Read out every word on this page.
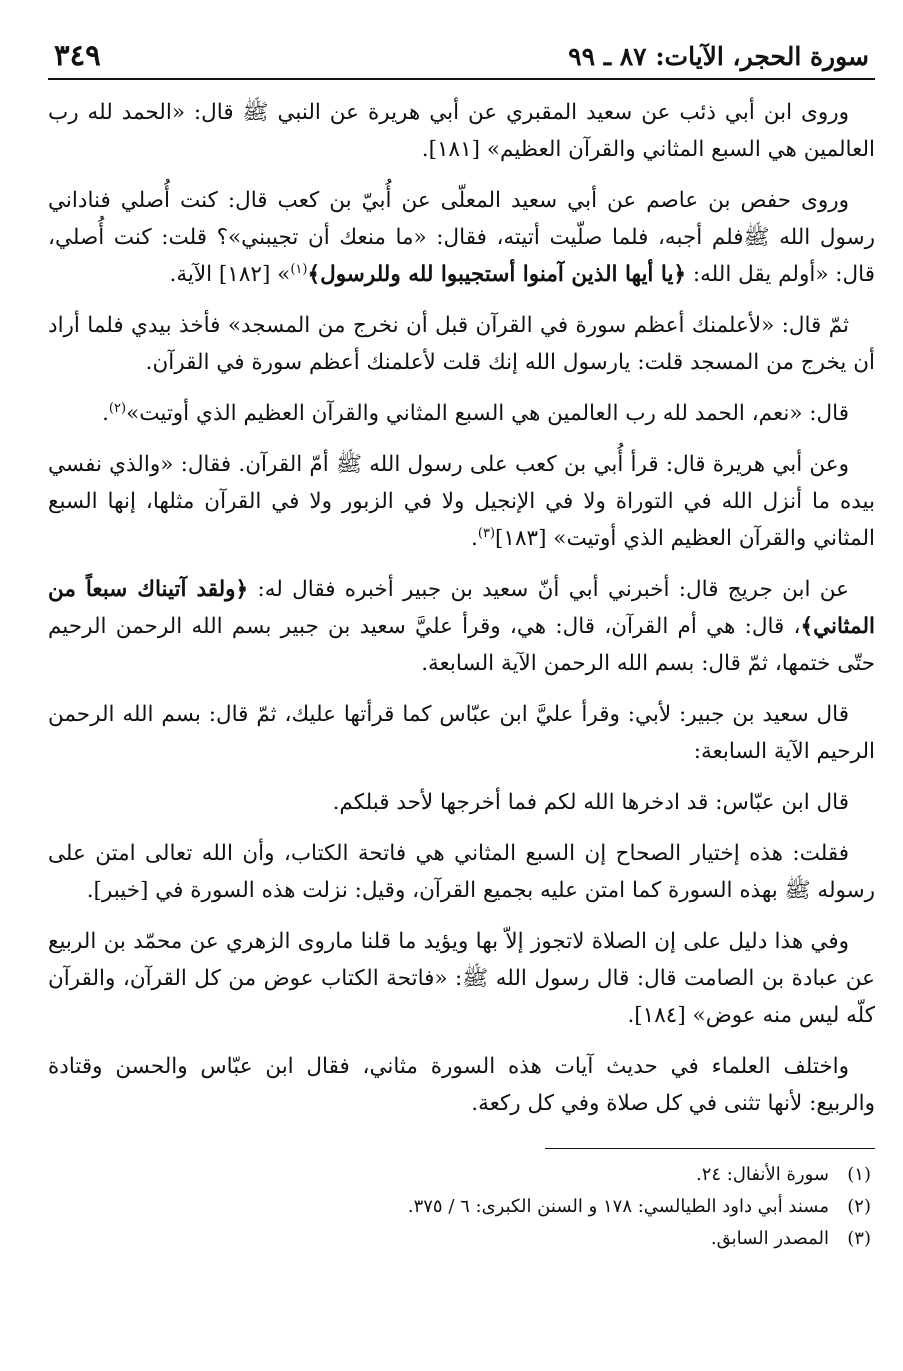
سورة الحجر، الآيات: ٨٧ ـ ٩٩
٣٤٩

وروى ابن أبي ذئب عن سعيد المقبري عن أبي هريرة عن النبي ﷺ قال: «الحمد لله رب العالمين هي السبع المثاني والقرآن العظيم» [١٨١].

وروى حفص بن عاصم عن أبي سعيد المعلّى عن أُبيّ بن كعب قال: كنت أُصلي فناداني رسول الله ﷺفلم أجبه، فلما صلّيت أتيته، فقال: «ما منعك أن تجيبني»؟ قلت: كنت أُصلي، قال: «أولم يقل الله: ﴿يا أيها الذين آمنوا أستجيبوا لله وللرسول﴾$^{(١)}$» [١٨٢] الآية.

ثمّ قال: «لأعلمنك أعظم سورة في القرآن قبل أن نخرج من المسجد» فأخذ بيدي فلما أراد أن يخرج من المسجد قلت: يارسول الله إنك قلت لأعلمنك أعظم سورة في القرآن.

قال: «نعم، الحمد لله رب العالمين هي السبع المثاني والقرآن العظيم الذي أوتيت»$^{(٢)}$.

وعن أبي هريرة قال: قرأ أُبي بن كعب على رسول الله ﷺ أمّ القرآن. فقال: «والذي نفسي بيده ما أنزل الله في التوراة ولا في الإنجيل ولا في الزبور ولا في القرآن مثلها، إنها السبع المثاني والقرآن العظيم الذي أوتيت» [١٨٣]$^{(٣)}$.

عن ابن جريج قال: أخبرني أبي أنّ سعيد بن جبير أخبره فقال له: ﴿ولقد آتيناك سبعاً من المثاني﴾، قال: هي أم القرآن، قال: هي، وقرأ عليَّ سعيد بن جبير بسم الله الرحمن الرحيم حتّى ختمها، ثمّ قال: بسم الله الرحمن الآية السابعة.

قال سعيد بن جبير: لأبي: وقرأ عليَّ ابن عبّاس كما قرأتها عليك، ثمّ قال: بسم الله الرحمن الرحيم الآية السابعة:

قال ابن عبّاس: قد ادخرها الله لكم فما أخرجها لأحد قبلكم.

فقلت: هذه إختيار الصحاح إن السبع المثاني هي فاتحة الكتاب، وأن الله تعالى امتن على رسوله ﷺ بهذه السورة كما امتن عليه بجميع القرآن، وقيل: نزلت هذه السورة في [خيبر].

وفي هذا دليل على إن الصلاة لاتجوز إلاّ بها ويؤيد ما قلنا ماروى الزهري عن محمّد بن الربيع عن عبادة بن الصامت قال: قال رسول الله ﷺ: «فاتحة الكتاب عوض من كل القرآن، والقرآن كلّه ليس منه عوض» [١٨٤].

واختلف العلماء في حديث آيات هذه السورة مثاني، فقال ابن عبّاس والحسن وقتادة والربيع: لأنها تثنى في كل صلاة وفي كل ركعة.

(١)سورة الأنفال: ٢٤.
(٢)مسند أبي داود الطيالسي: ١٧٨ و السنن الكبرى: ٦ / ٣٧٥.
(٣)المصدر السابق.
